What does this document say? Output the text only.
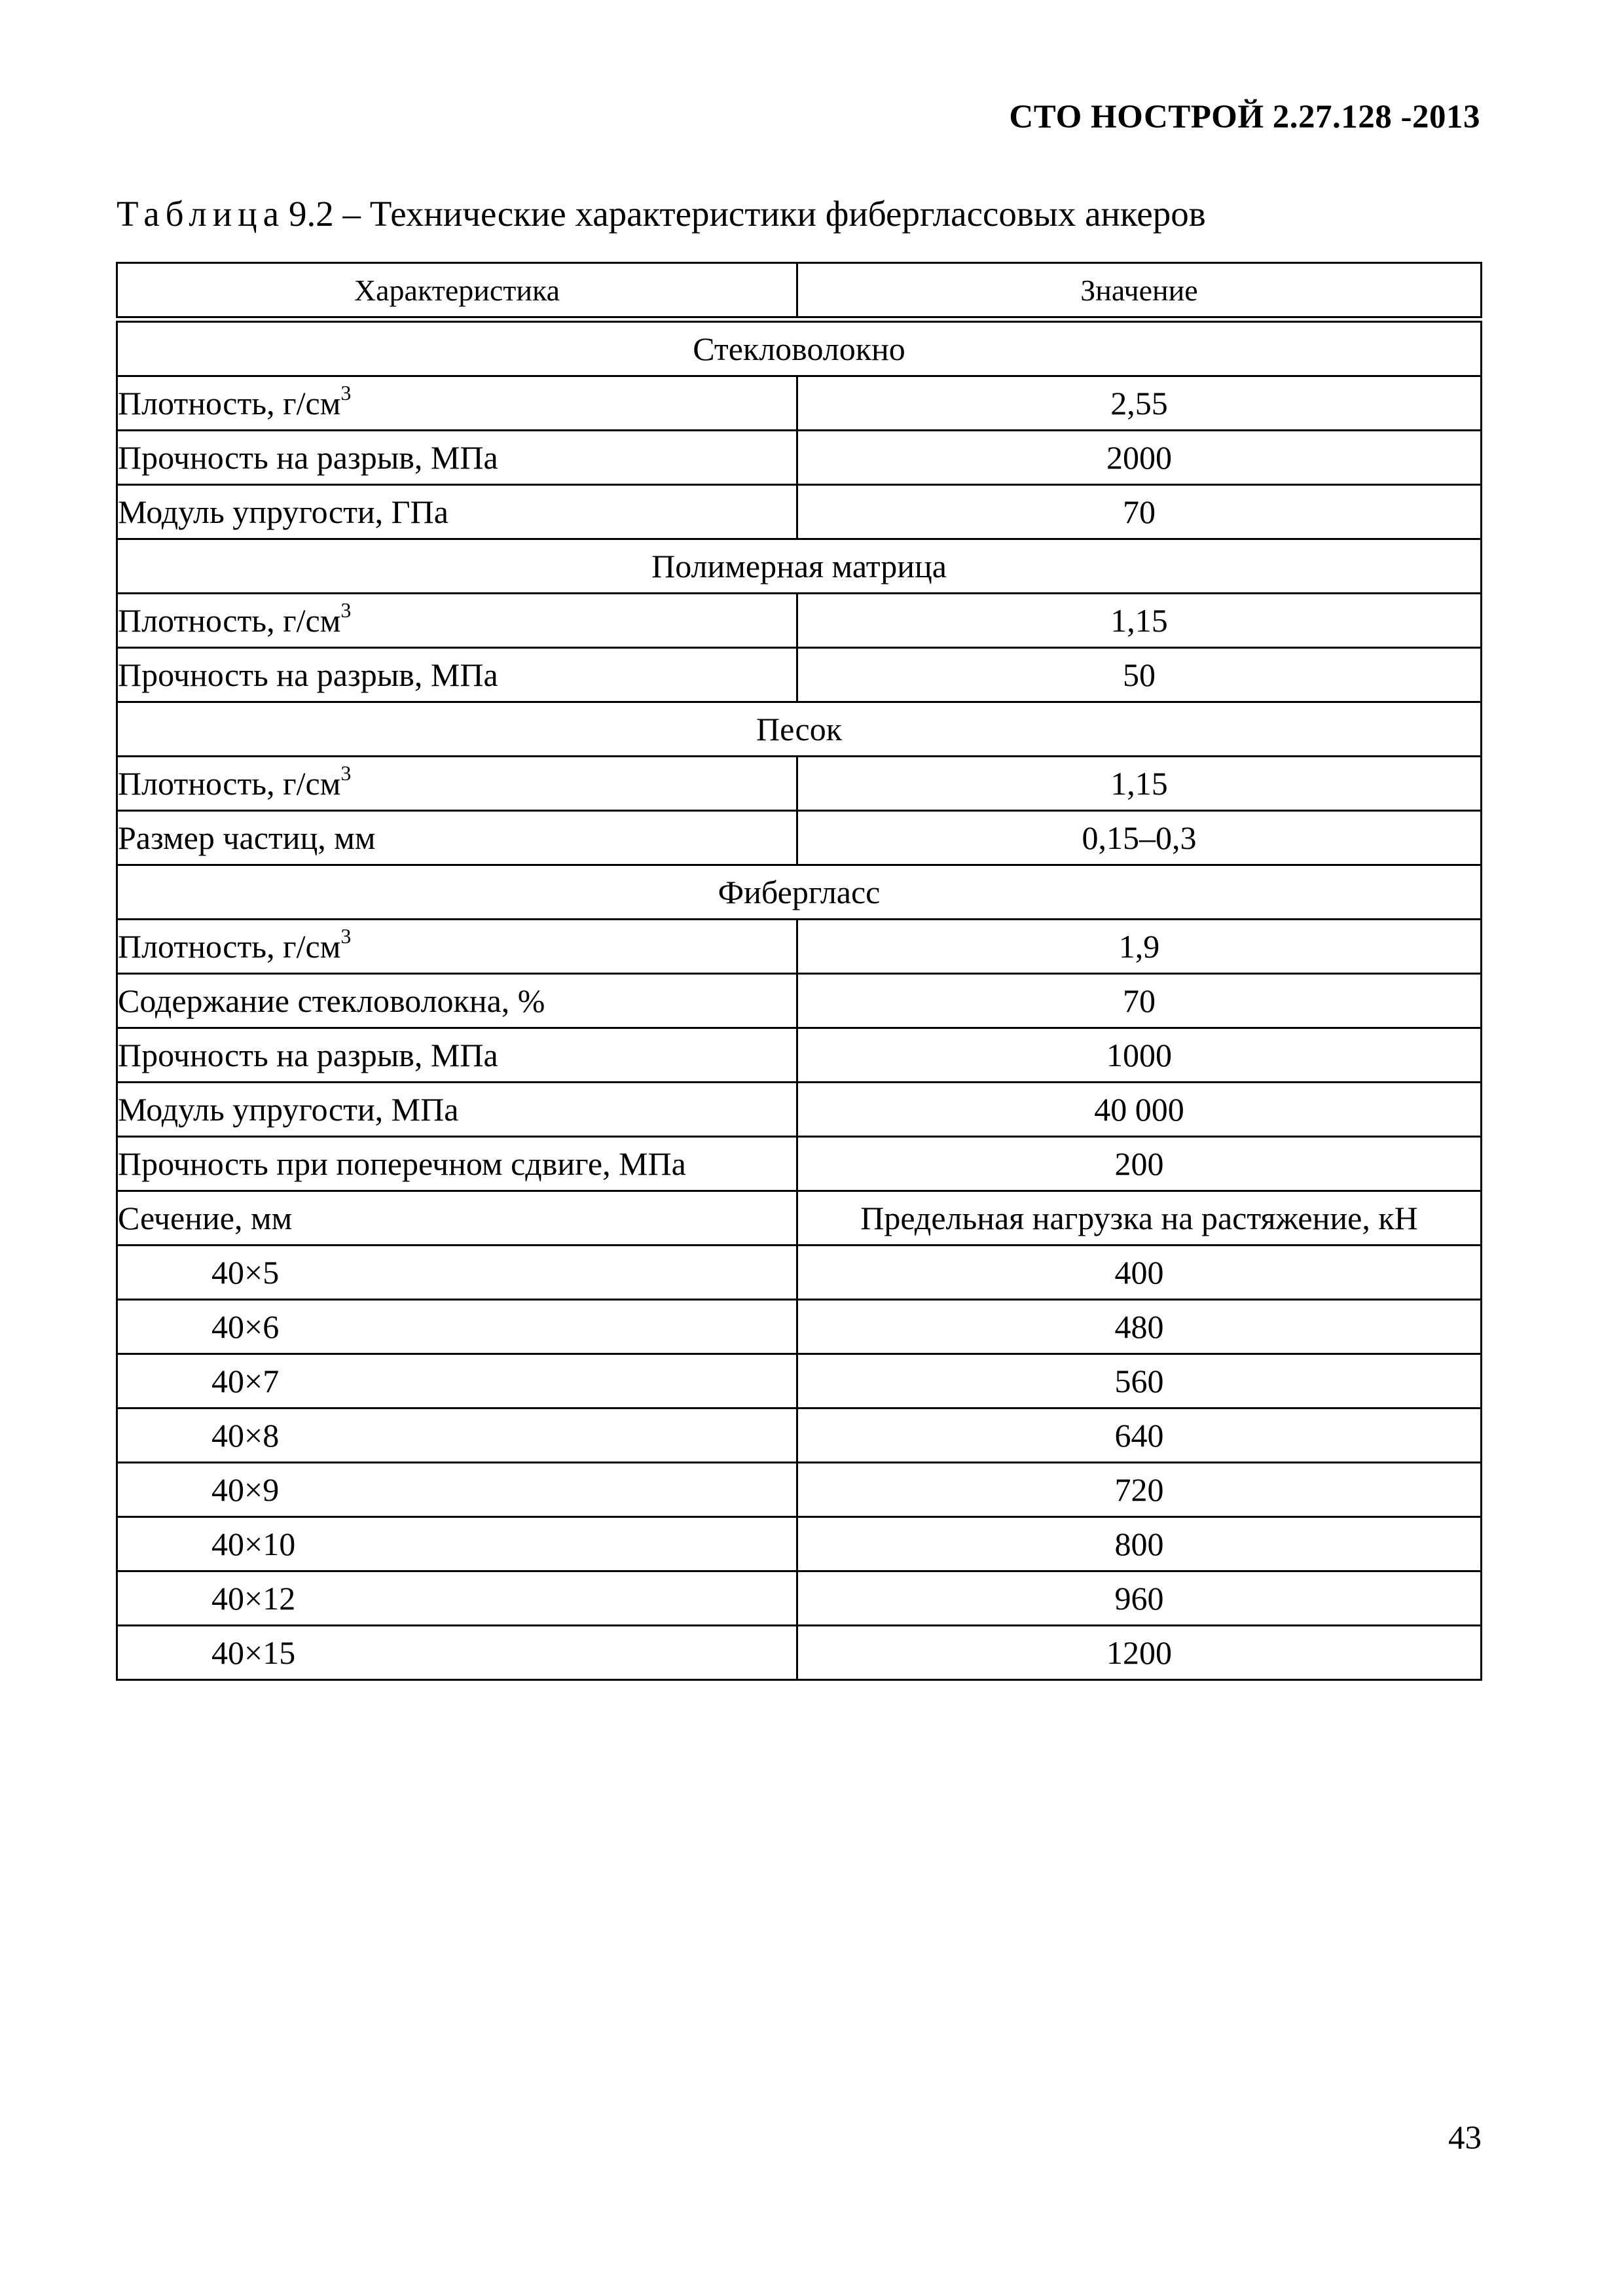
СТО НОСТРОЙ 2.27.128 -2013
Таблица 9.2 – Технические характеристики фиберглассовых анкеров
Характеристика	Значение
Стекловолокно	
Плотность, $г/см^3$	2,55
Прочность на разрыв, МПа	2000
Модуль упругости, ГПа	70
Полимерная матрица	
Плотность, $г/см^3$	1,15
Прочность на разрыв, МПа	50
Песок	
Плотность, $г/см^3$	1,15
Размер частиц, мм	0,15–0,3
Фибергласс	
Плотность, $г/см^3$	1,9
Содержание стекловолокна, %	70
Прочность на разрыв, МПа	1000
Модуль упругости, МПа	40 000
Прочность при поперечном сдвиге, МПа	200
Сечение, мм	Предельная нагрузка на растяжение, кН
40×5	400
40×6	480
40×7	560
40×8	640
40×9	720
40×10	800
40×12	960
40×15	1200
43
